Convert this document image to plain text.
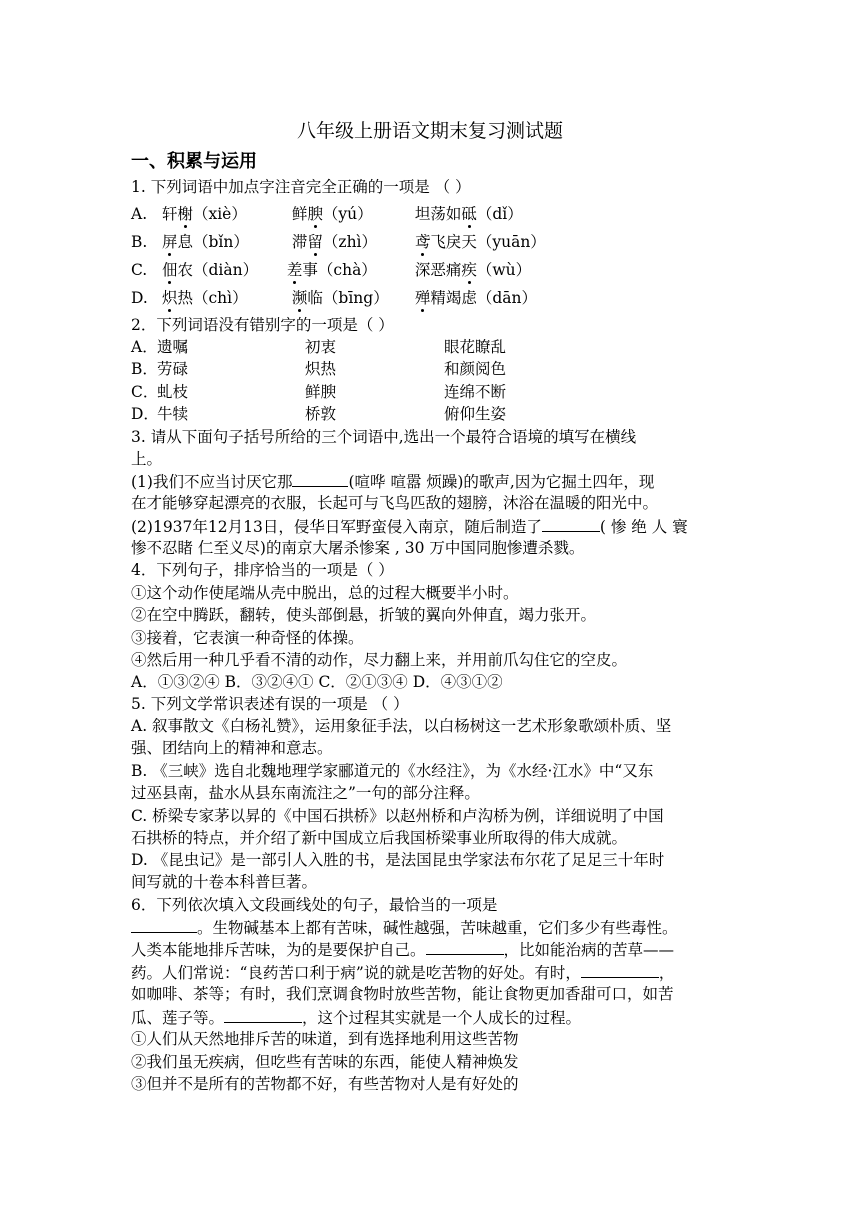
八年级上册语文期末复习测试题
一、积累与运用
1. 下列词语中加点字注音完全正确的一项是 （ ）
A. 轩榭（xiè）	鲜腴（yú）	坦荡如砥（dǐ）
B. 屏息（bǐn）	滞留（zhì） 鸢飞戾天（yuān）
C. 佃农（diàn） 差事（chà） 深恶痛疾（wù）
D. 炽热（chì）	濒临（bīng） 殚精竭虑（dān）
2．下列词语没有错别字的一项是（ ）
A．遗嘱	初衷	眼花瞭乱
B．劳碌	炽热	和颜阅色
C．虬枝	鲜腴	连绵不断
D．牛犊	桥敦	俯仰生姿
3. 请从下面句子括号所给的三个词语中,选出一个最符合语境的填写在横线
上。
(1)我们不应当讨厌它那	(喧哗 喧嚣 烦躁)的歌声,因为它掘土四年，现
在才能够穿起漂亮的衣服，长起可与飞鸟匹敌的翅膀，沐浴在温暖的阳光中。
(2)1937年12月13日，侵华日军野蛮侵入南京，随后制造了	( 惨 绝 人 寰
惨不忍睹 仁至义尽)的南京大屠杀惨案 , 30 万中国同胞惨遭杀戮。
4．下列句子，排序恰当的一项是（ ）
①这个动作使尾端从壳中脱出，总的过程大概要半小时。
②在空中腾跃，翻转，使头部倒悬，折皱的翼向外伸直，竭力张开。
③接着，它表演一种奇怪的体操。
④然后用一种几乎看不清的动作，尽力翻上来，并用前爪勾住它的空皮。
A．①③②④ B．③②④① C．②①③④ D．④③①②
5. 下列文学常识表述有误的一项是 （ ）
A. 叙事散文《白杨礼赞》，运用象征手法，以白杨树这一艺术形象歌颂朴质、坚
强、团结向上的精神和意志。
B. 《三峡》选自北魏地理学家郦道元的《水经注》，为《水经·江水》中“又东
过巫县南，盐水从县东南流注之”一句的部分注释。
C. 桥梁专家茅以昇的《中国石拱桥》以赵州桥和卢沟桥为例，详细说明了中国
石拱桥的特点，并介绍了新中国成立后我国桥梁事业所取得的伟大成就。
D. 《昆虫记》是一部引人入胜的书，是法国昆虫学家法布尔花了足足三十年时
间写就的十卷本科普巨著。
6．下列依次填入文段画线处的句子，最恰当的一项是
。生物碱基本上都有苦味，碱性越强，苦味越重，它们多少有些毒性。
人类本能地排斥苦味，为的是要保护自己。	，比如能治病的苦草——
药。人们常说：“良药苦口利于病”说的就是吃苦物的好处。有时，	，
如咖啡、茶等；有时，我们烹调食物时放些苦物，能让食物更加香甜可口，如苦
瓜、莲子等。	，这个过程其实就是一个人成长的过程。
①人们从天然地排斥苦的味道，到有选择地利用这些苦物
②我们虽无疾病，但吃些有苦味的东西，能使人精神焕发
③但并不是所有的苦物都不好，有些苦物对人是有好处的
